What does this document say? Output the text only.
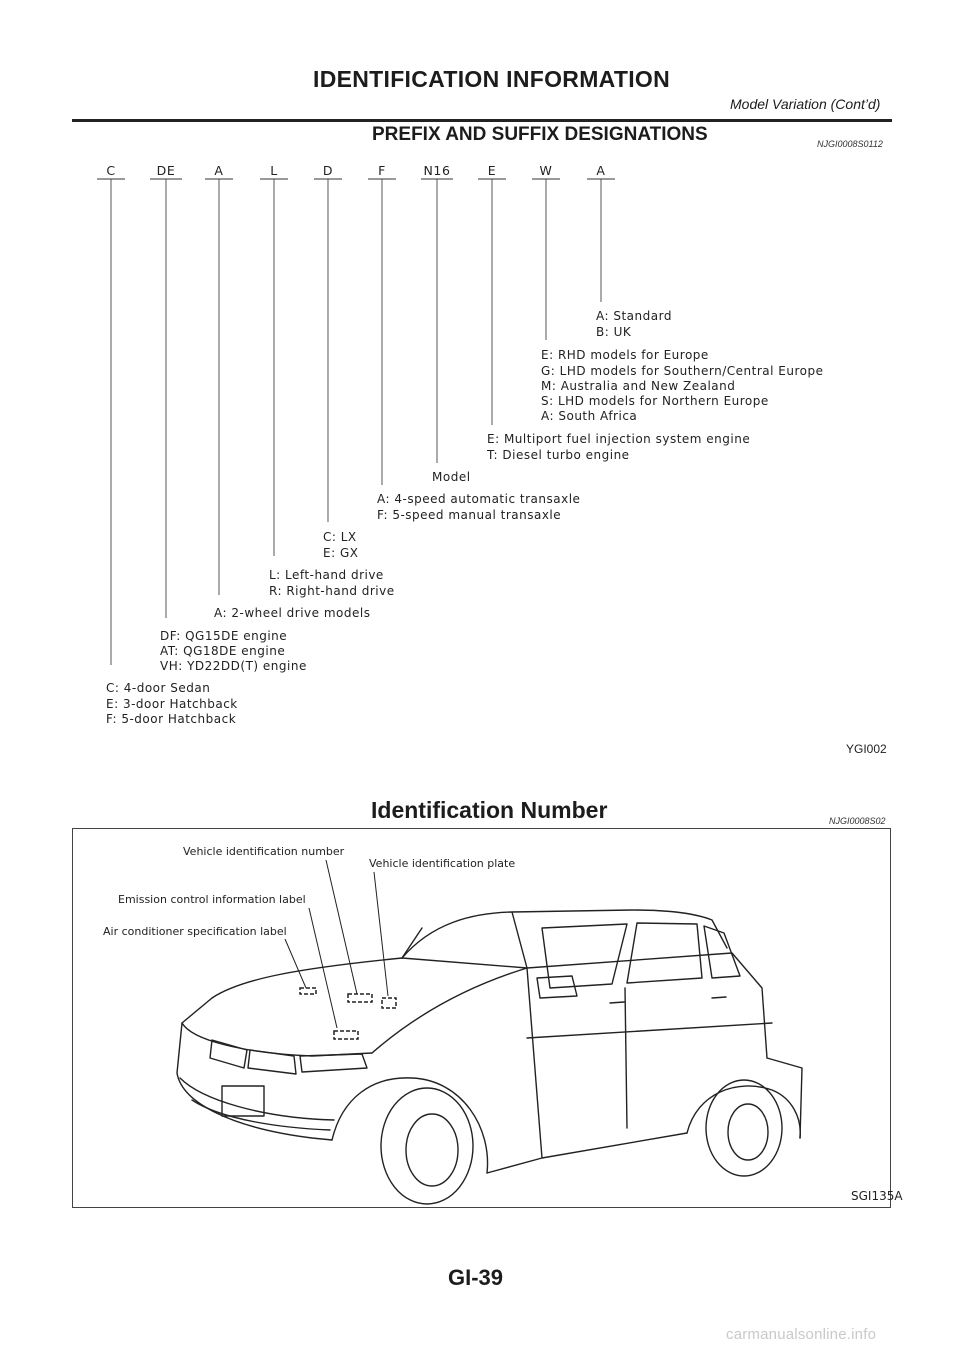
IDENTIFICATION INFORMATION
Model Variation (Cont’d)
PREFIX AND SUFFIX DESIGNATIONS	NJGI0008S0112
C	DE	A	L	D	F	N16	E	W	A
A: Standard
B: UK
E: RHD models for Europe
G: LHD models for Southern/Central Europe
M: Australia and New Zealand
S: LHD models for Northern Europe
A: South Africa
E: Multiport fuel injection system engine
T: Diesel turbo engine
Model
A: 4-speed automatic transaxle
F: 5-speed manual transaxle
C: LX
E: GX
L: Left-hand drive
R: Right-hand drive
A: 2-wheel drive models
DF: QG15DE engine
AT: QG18DE engine
VH: YD22DD(T) engine
C: 4-door Sedan
E: 3-door Hatchback
F: 5-door Hatchback
YGI002
Identification Number	NJGI0008S02
Vehicle identification number
Vehicle identification plate
Emission control information label
Air conditioner specification label
SGI135A
GI-39
carmanualsonline.info
